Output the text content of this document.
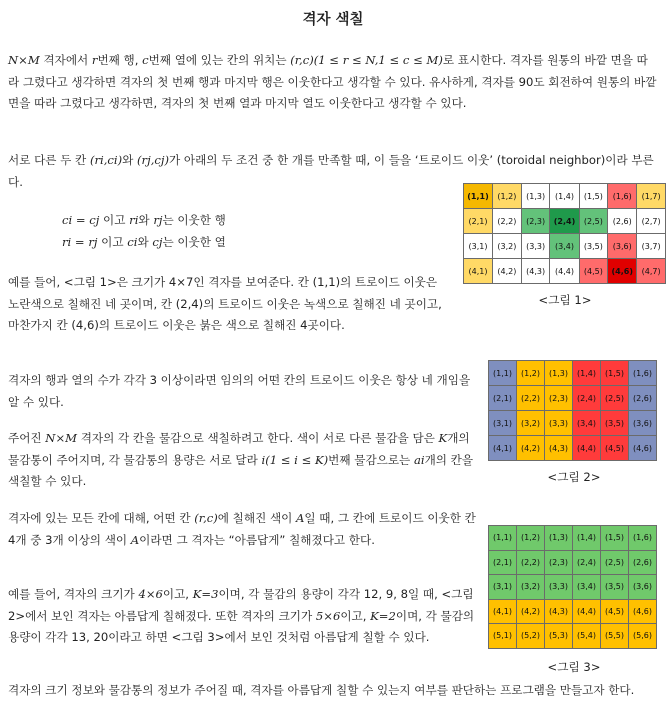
격자 색칠
N×M 격자에서 r번째 행, c번째 열에 있는 칸의 위치는 (r,c)(1 ≤ r ≤ N,1 ≤ c ≤ M)로 표시한다. 격자를 원통의 바깥 면을 따라 그렸다고 생각하면 격자의 첫 번째 행과 마지막 행은 이웃한다고 생각할 수 있다. 유사하게, 격자를 90도 회전하여 원통의 바깥면을 따라 그렸다고 생각하면, 격자의 첫 번째 열과 마지막 열도 이웃한다고 생각할 수 있다.
서로 다른 두 칸 (ri,ci)와 (rj,cj)가 아래의 두 조건 중 한 개를 만족할 때, 이 들을 ‘트로이드 이웃’ (toroidal neighbor)이라 부른다.
ci = cj 이고 ri와 rj는 이웃한 행
ri = rj 이고 ci와 cj는 이웃한 열
예를 들어, <그림 1>은 크기가 4×7인 격자를 보여준다. 칸 (1,1)의 트로이드 이웃은 노란색으로 칠해진 네 곳이며, 칸 (2,4)의 트로이드 이웃은 녹색으로 칠해진 네 곳이고, 마찬가지 칸 (4,6)의 트로이드 이웃은 붉은 색으로 칠해진 4곳이다.
격자의 행과 열의 수가 각각 3 이상이라면 임의의 어떤 칸의 트로이드 이웃은 항상 네 개임을 알 수 있다.
주어진 N×M 격자의 각 칸을 물감으로 색칠하려고 한다. 색이 서로 다른 물감을 담은 K개의 물감통이 주어지며, 각 물감통의 용량은 서로 달라 i(1 ≤ i ≤ K)번째 물감으로는 ai개의 칸을 색칠할 수 있다.
격자에 있는 모든 칸에 대해, 어떤 칸 (r,c)에 칠해진 색이 A일 때, 그 칸에 트로이드 이웃한 칸 4개 중 3개 이상의 색이 A이라면 그 격자는 “아름답게” 칠해졌다고 한다.
예를 들어, 격자의 크기가 4×6이고, K=3이며, 각 물감의 용량이 각각 12, 9, 8일 때, <그림 2>에서 보인 격자는 아름답게 칠해졌다. 또한 격자의 크기가 5×6이고, K=2이며, 각 물감의 용량이 각각 13, 20이라고 하면 <그림 3>에서 보인 것처럼 아름답게 칠할 수 있다.
격자의 크기 정보와 물감통의 정보가 주어질 때, 격자를 아름답게 칠할 수 있는지 여부를 판단하는 프로그램을 만들고자 한다.
(1,1)	(1,2)	(1,3)	(1,4)	(1,5)	(1,6)	(1,7)
(2,1)	(2,2)	(2,3)	(2,4)	(2,5)	(2,6)	(2,7)
(3,1)	(3,2)	(3,3)	(3,4)	(3,5)	(3,6)	(3,7)
(4,1)	(4,2)	(4,3)	(4,4)	(4,5)	(4,6)	(4,7)
<그림 1>
(1,1)	(1,2)	(1,3)	(1,4)	(1,5)	(1,6)
(2,1)	(2,2)	(2,3)	(2,4)	(2,5)	(2,6)
(3,1)	(3,2)	(3,3)	(3,4)	(3,5)	(3,6)
(4,1)	(4,2)	(4,3)	(4,4)	(4,5)	(4,6)
<그림 2>
(1,1)	(1,2)	(1,3)	(1,4)	(1,5)	(1,6)
(2,1)	(2,2)	(2,3)	(2,4)	(2,5)	(2,6)
(3,1)	(3,2)	(3,3)	(3,4)	(3,5)	(3,6)
(4,1)	(4,2)	(4,3)	(4,4)	(4,5)	(4,6)
(5,1)	(5,2)	(5,3)	(5,4)	(5,5)	(5,6)
<그림 3>
